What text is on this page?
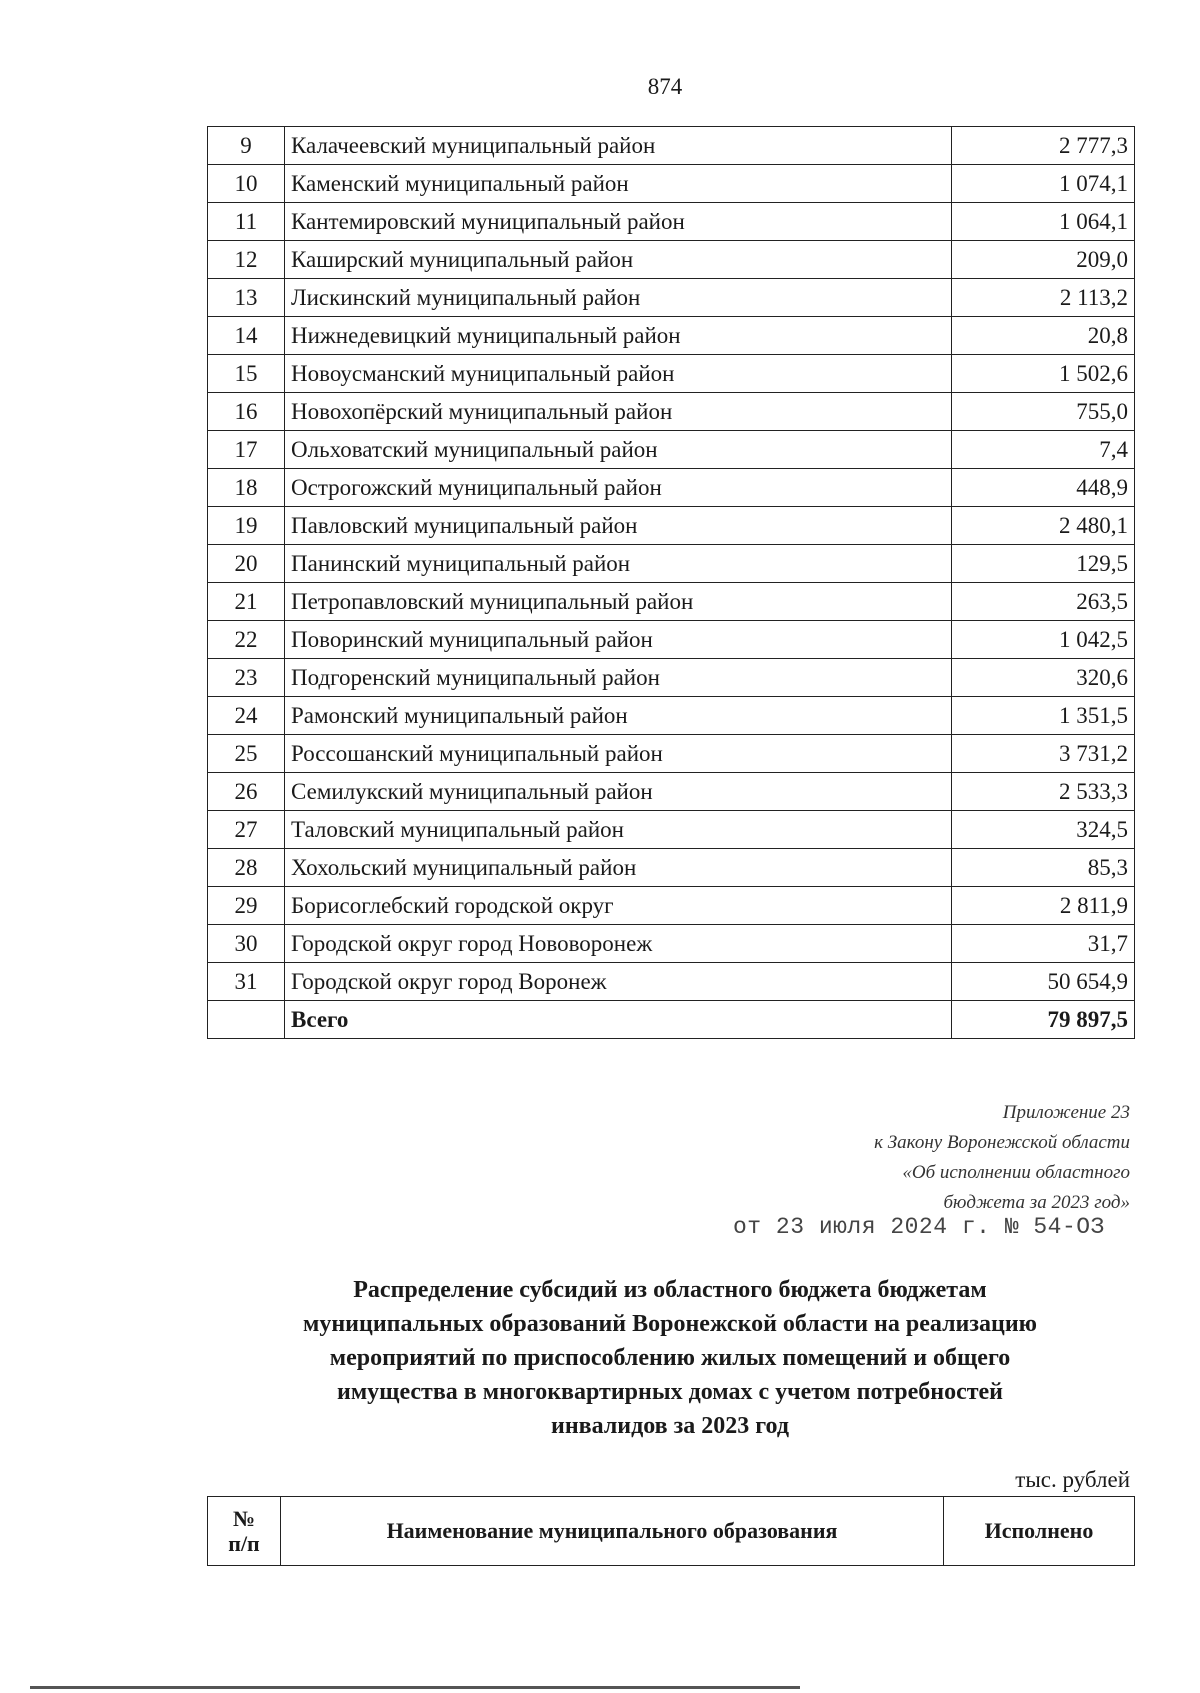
874
9	Калачеевский муниципальный район	2 777,3
10	Каменский муниципальный район	1 074,1
11	Кантемировский муниципальный район	1 064,1
12	Каширский муниципальный район	209,0
13	Лискинский муниципальный район	2 113,2
14	Нижнедевицкий муниципальный район	20,8
15	Новоусманский муниципальный район	1 502,6
16	Новохопёрский муниципальный район	755,0
17	Ольховатский муниципальный район	7,4
18	Острогожский муниципальный район	448,9
19	Павловский муниципальный район	2 480,1
20	Панинский муниципальный район	129,5
21	Петропавловский муниципальный район	263,5
22	Поворинский муниципальный район	1 042,5
23	Подгоренский муниципальный район	320,6
24	Рамонский муниципальный район	1 351,5
25	Россошанский муниципальный район	3 731,2
26	Семилукский муниципальный район	2 533,3
27	Таловский муниципальный район	324,5
28	Хохольский муниципальный район	85,3
29	Борисоглебский городской округ	2 811,9
30	Городской округ город Нововоронеж	31,7
31	Городской округ город Воронеж	50 654,9
	Всего	79 897,5
Приложение 23
к Закону Воронежской области
«Об исполнении областного
бюджета за 2023 год»
от 23 июля 2024 г. № 54-ОЗ
Распределение субсидий из областного бюджета бюджетам
муниципальных образований Воронежской области на реализацию
мероприятий по приспособлению жилых помещений и общего
имущества в многоквартирных домах с учетом потребностей
инвалидов за 2023 год
тыс. рублей
№
п/п
	Наименование муниципального образования	Исполнено
